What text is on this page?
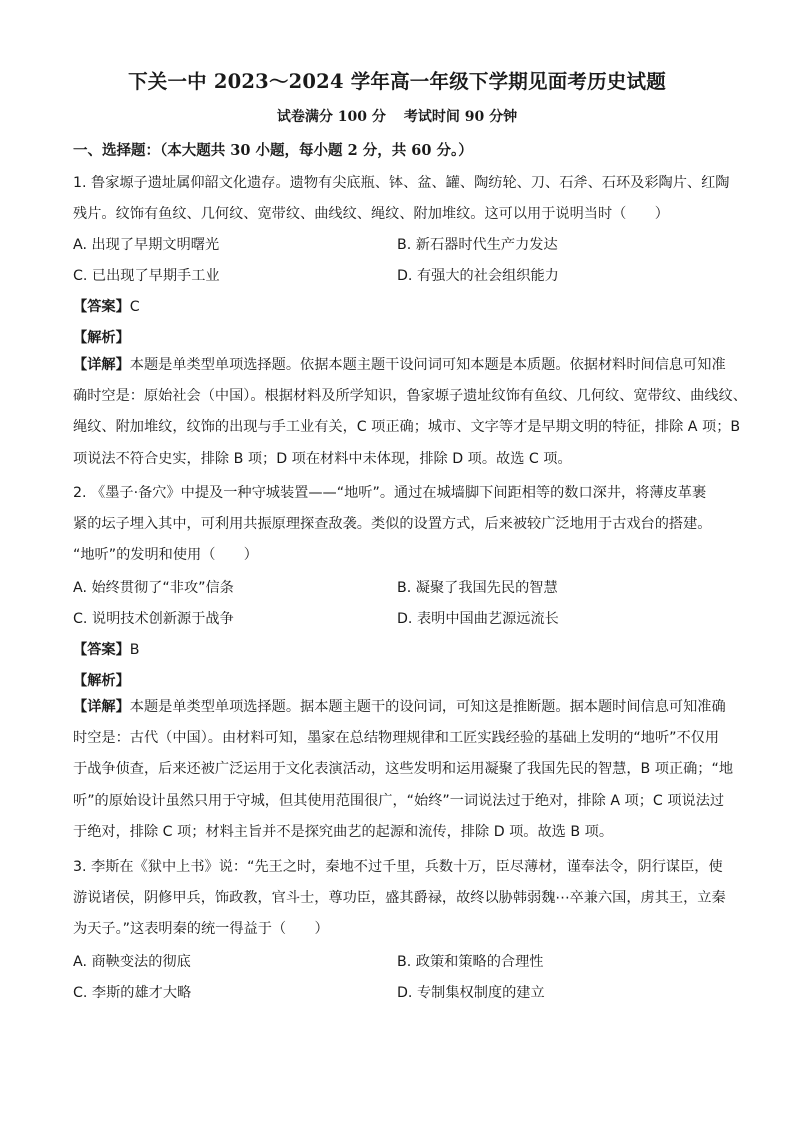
下关一中 2023～2024 学年高一年级下学期见面考历史试题
试卷满分 100 分 考试时间 90 分钟
一、选择题：（本大题共 30 小题，每小题 2 分，共 60 分。）
1. 鲁家塬子遗址属仰韶文化遗存。遗物有尖底瓶、钵、盆、罐、陶纺轮、刀、石斧、石环及彩陶片、红陶
残片。纹饰有鱼纹、几何纹、宽带纹、曲线纹、绳纹、附加堆纹。这可以用于说明当时（　　）
A. 出现了早期文明曙光	B. 新石器时代生产力发达
C. 已出现了早期手工业	D. 有强大的社会组织能力
【答案】C
【解析】
【详解】本题是单类型单项选择题。依据本题主题干设问词可知本题是本质题。依据材料时间信息可知准
确时空是：原始社会（中国）。根据材料及所学知识，鲁家塬子遗址纹饰有鱼纹、几何纹、宽带纹、曲线纹、
绳纹、附加堆纹，纹饰的出现与手工业有关，C 项正确；城市、文字等才是早期文明的特征，排除 A 项；B
项说法不符合史实，排除 B 项；D 项在材料中未体现，排除 D 项。故选 C 项。
2. 《墨子·备穴》中提及一种守城装置——“地听”。通过在城墙脚下间距相等的数口深井，将薄皮革裹
紧的坛子埋入其中，可利用共振原理探查敌袭。类似的设置方式，后来被较广泛地用于古戏台的搭建。
“地听”的发明和使用（　　）
A. 始终贯彻了“非攻”信条	B. 凝聚了我国先民的智慧
C. 说明技术创新源于战争	D. 表明中国曲艺源远流长
【答案】B
【解析】
【详解】本题是单类型单项选择题。据本题主题干的设问词，可知这是推断题。据本题时间信息可知准确
时空是：古代（中国）。由材料可知，墨家在总结物理规律和工匠实践经验的基础上发明的“地听”不仅用
于战争侦查，后来还被广泛运用于文化表演活动，这些发明和运用凝聚了我国先民的智慧，B 项正确；“地
听”的原始设计虽然只用于守城，但其使用范围很广，“始终”一词说法过于绝对，排除 A 项；C 项说法过
于绝对，排除 C 项；材料主旨并不是探究曲艺的起源和流传，排除 D 项。故选 B 项。
3. 李斯在《狱中上书》说：“先王之时，秦地不过千里，兵数十万，臣尽薄材，谨奉法令，阴行谋臣，使
游说诸侯，阴修甲兵，饰政教，官斗士，尊功臣，盛其爵禄，故终以胁韩弱魏⋯卒兼六国，虏其王，立秦
为天子。”这表明秦的统一得益于（　　）
A. 商鞅变法的彻底	B. 政策和策略的合理性
C. 李斯的雄才大略	D. 专制集权制度的建立
